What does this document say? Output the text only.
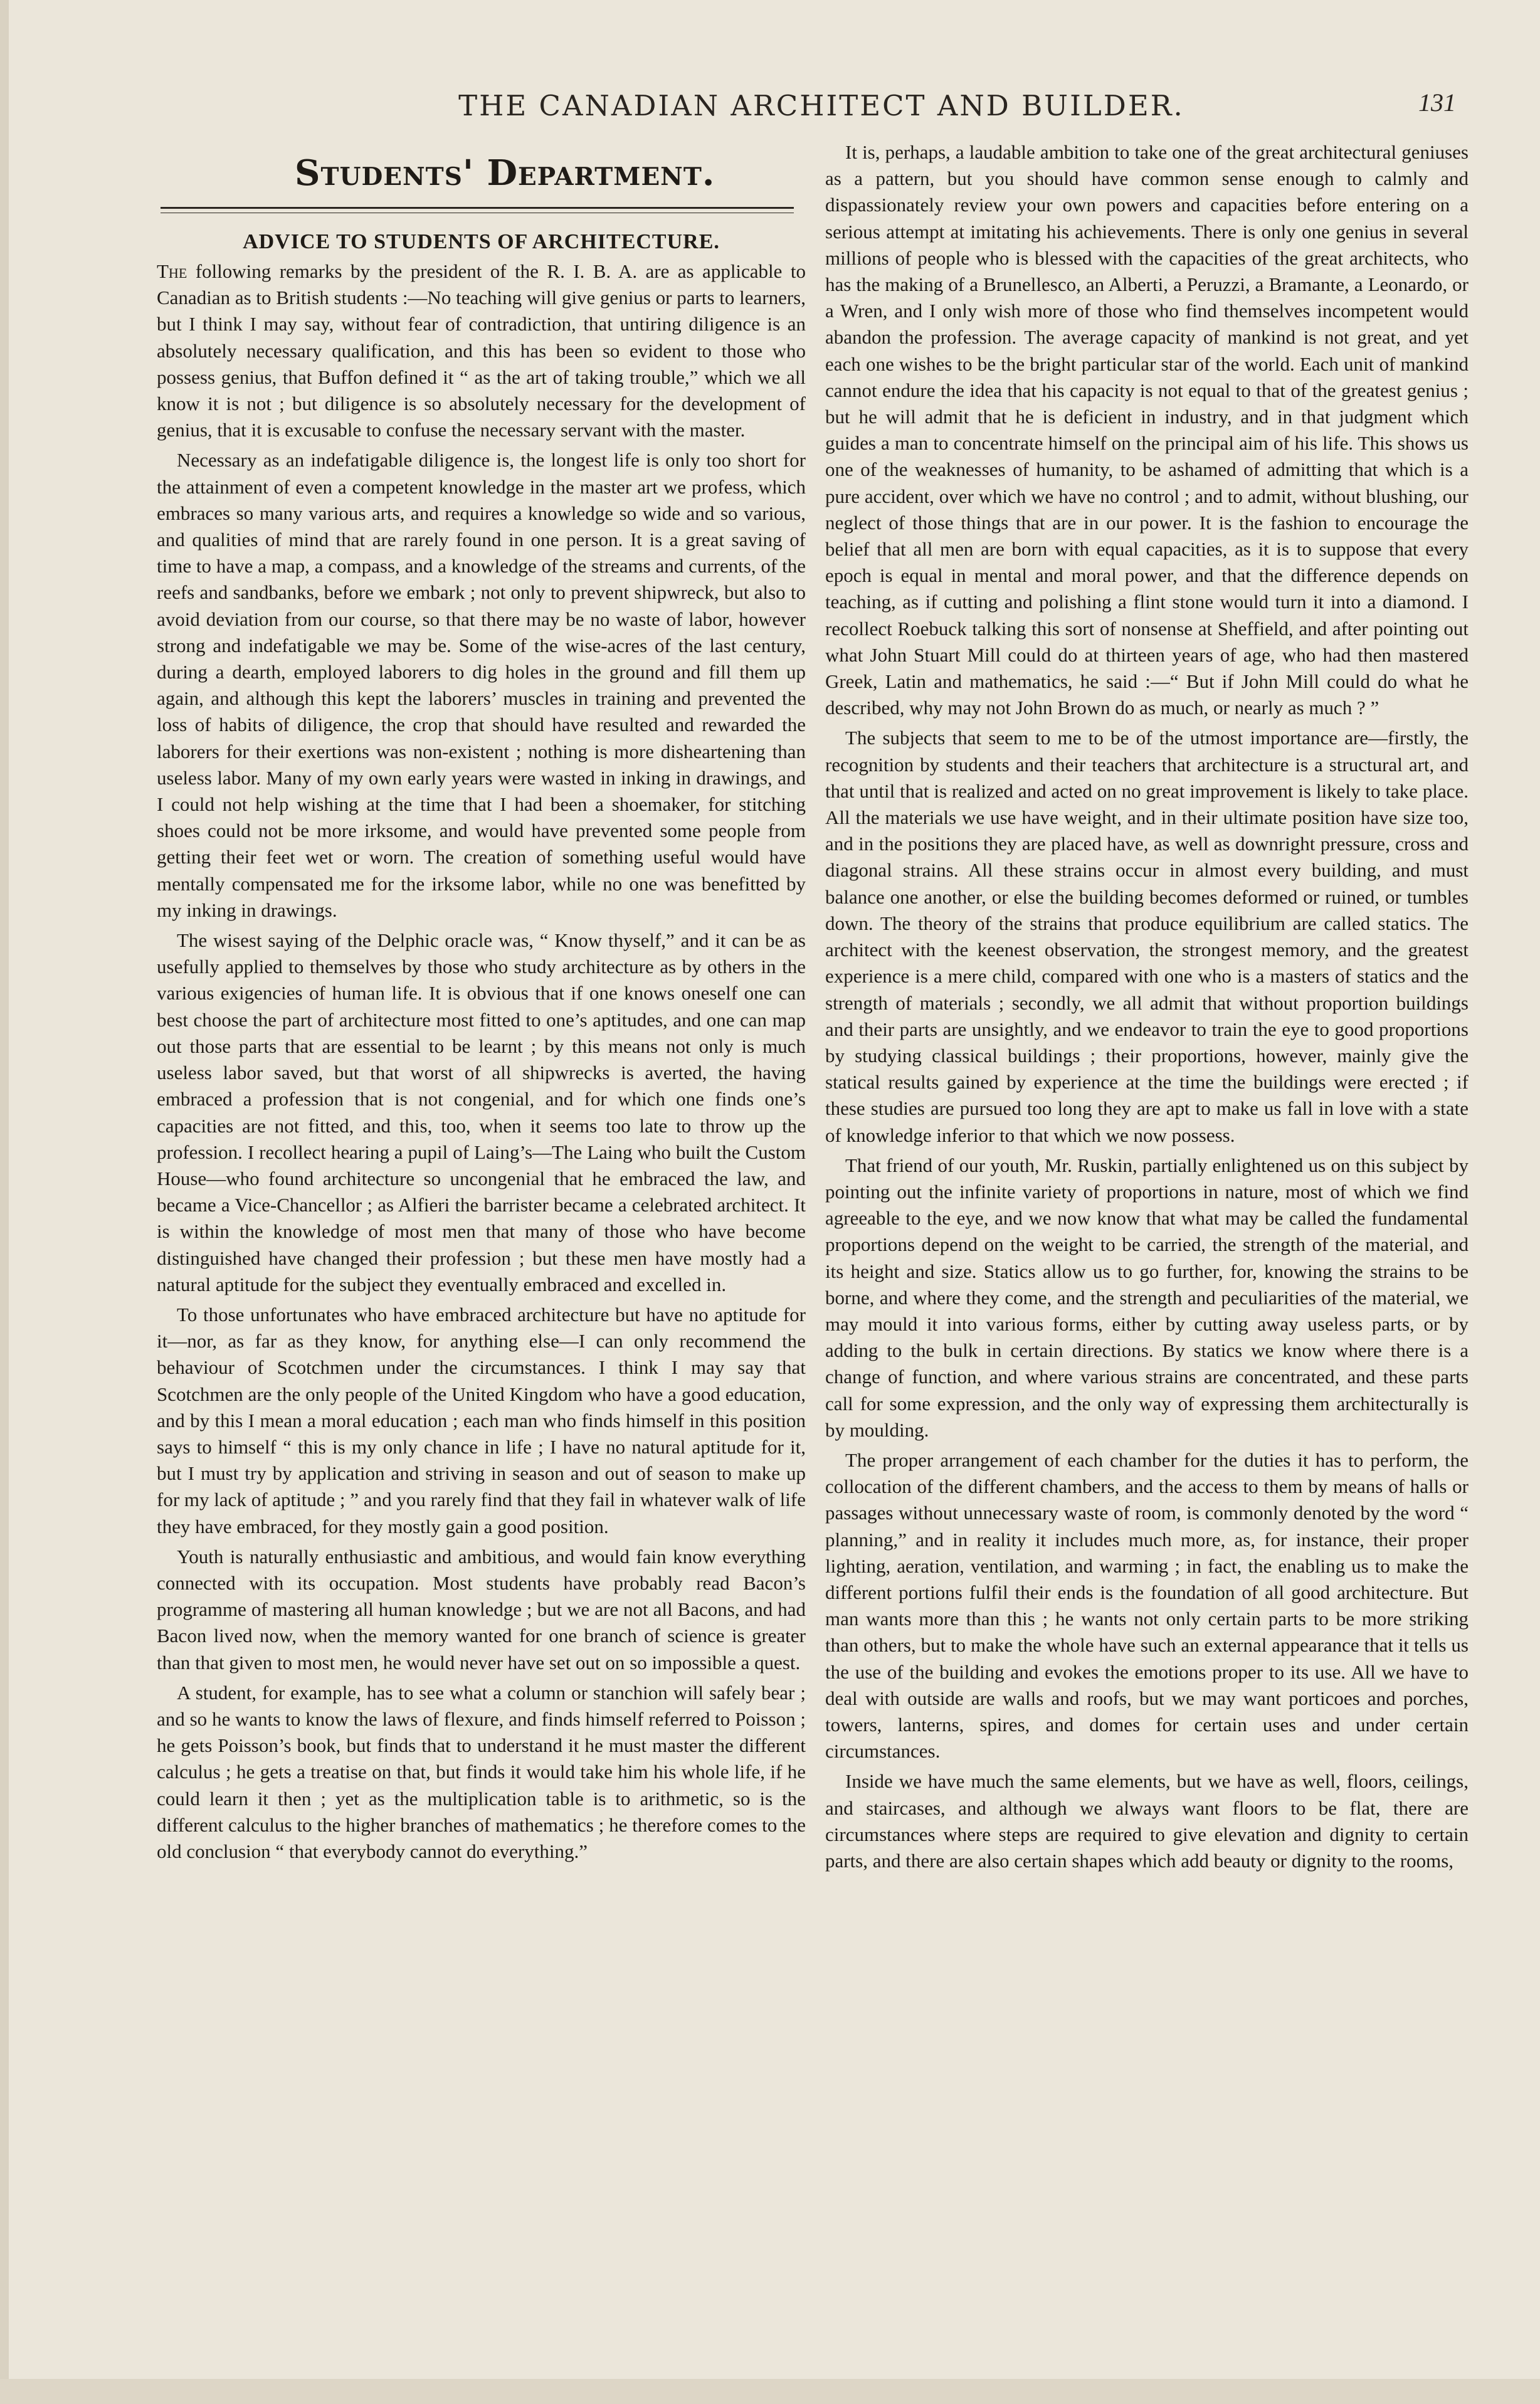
THE CANADIAN ARCHITECT AND BUILDER.	131
Students' Department.
ADVICE TO STUDENTS OF ARCHITECTURE.

The following remarks by the president of the R. I. B. A. are as applicable to Canadian as to British students :—No teaching will give genius or parts to learners, but I think I may say, without fear of contradiction, that untiring diligence is an absolutely necessary qualification, and this has been so evident to those who possess genius, that Buffon defined it “ as the art of taking trouble,” which we all know it is not ; but diligence is so absolutely necessary for the development of genius, that it is excusable to confuse the necessary servant with the master.

Necessary as an indefatigable diligence is, the longest life is only too short for the attainment of even a competent knowledge in the master art we profess, which embraces so many various arts, and requires a knowledge so wide and so various, and qualities of mind that are rarely found in one person. It is a great saving of time to have a map, a compass, and a knowledge of the streams and currents, of the reefs and sandbanks, before we embark ; not only to prevent shipwreck, but also to avoid deviation from our course, so that there may be no waste of labor, however strong and indefatigable we may be. Some of the wise-acres of the last century, during a dearth, employed laborers to dig holes in the ground and fill them up again, and although this kept the laborers’ muscles in training and prevented the loss of habits of diligence, the crop that should have resulted and rewarded the laborers for their exertions was non-existent ; nothing is more disheartening than useless labor. Many of my own early years were wasted in inking in drawings, and I could not help wishing at the time that I had been a shoemaker, for stitching shoes could not be more irksome, and would have prevented some people from getting their feet wet or worn. The creation of something useful would have mentally compensated me for the irksome labor, while no one was benefitted by my inking in drawings.

The wisest saying of the Delphic oracle was, “ Know thyself,” and it can be as usefully applied to themselves by those who study architecture as by others in the various exigencies of human life. It is obvious that if one knows oneself one can best choose the part of architecture most fitted to one’s aptitudes, and one can map out those parts that are essential to be learnt ; by this means not only is much useless labor saved, but that worst of all shipwrecks is averted, the having embraced a profession that is not congenial, and for which one finds one’s capacities are not fitted, and this, too, when it seems too late to throw up the profession. I recollect hearing a pupil of Laing’s—The Laing who built the Custom House—who found architecture so uncongenial that he embraced the law, and became a Vice-Chancellor ; as Alfieri the barrister became a celebrated architect. It is within the knowledge of most men that many of those who have become distinguished have changed their profession ; but these men have mostly had a natural aptitude for the subject they eventually embraced and excelled in.

To those unfortunates who have embraced architecture but have no aptitude for it—nor, as far as they know, for anything else—I can only recommend the behaviour of Scotchmen under the circumstances. I think I may say that Scotchmen are the only people of the United Kingdom who have a good education, and by this I mean a moral education ; each man who finds himself in this position says to himself “ this is my only chance in life ; I have no natural aptitude for it, but I must try by application and striving in season and out of season to make up for my lack of aptitude ; ” and you rarely find that they fail in whatever walk of life they have embraced, for they mostly gain a good position.

Youth is naturally enthusiastic and ambitious, and would fain know everything connected with its occupation. Most students have probably read Bacon’s programme of mastering all human knowledge ; but we are not all Bacons, and had Bacon lived now, when the memory wanted for one branch of science is greater than that given to most men, he would never have set out on so impossible a quest.

A student, for example, has to see what a column or stanchion will safely bear ; and so he wants to know the laws of flexure, and finds himself referred to Poisson ; he gets Poisson’s book, but finds that to understand it he must master the different calculus ; he gets a treatise on that, but finds it would take him his whole life, if he could learn it then ; yet as the multiplication table is to arithmetic, so is the different calculus to the higher branches of mathematics ; he therefore comes to the old conclusion “ that everybody cannot do everything.”

It is, perhaps, a laudable ambition to take one of the great architectural geniuses as a pattern, but you should have common sense enough to calmly and dispassionately review your own powers and capacities before entering on a serious attempt at imitating his achievements. There is only one genius in several millions of people who is blessed with the capacities of the great architects, who has the making of a Brunellesco, an Alberti, a Peruzzi, a Bramante, a Leonardo, or a Wren, and I only wish more of those who find themselves incompetent would abandon the profession. The average capacity of mankind is not great, and yet each one wishes to be the bright particular star of the world. Each unit of mankind cannot endure the idea that his capacity is not equal to that of the greatest genius ; but he will admit that he is deficient in industry, and in that judgment which guides a man to concentrate himself on the principal aim of his life. This shows us one of the weaknesses of humanity, to be ashamed of admitting that which is a pure accident, over which we have no control ; and to admit, without blushing, our neglect of those things that are in our power. It is the fashion to encourage the belief that all men are born with equal capacities, as it is to suppose that every epoch is equal in mental and moral power, and that the difference depends on teaching, as if cutting and polishing a flint stone would turn it into a diamond. I recollect Roebuck talking this sort of nonsense at Sheffield, and after pointing out what John Stuart Mill could do at thirteen years of age, who had then mastered Greek, Latin and mathematics, he said :—“ But if John Mill could do what he described, why may not John Brown do as much, or nearly as much ? ”

The subjects that seem to me to be of the utmost importance are—firstly, the recognition by students and their teachers that architecture is a structural art, and that until that is realized and acted on no great improvement is likely to take place. All the materials we use have weight, and in their ultimate position have size too, and in the positions they are placed have, as well as downright pressure, cross and diagonal strains. All these strains occur in almost every building, and must balance one another, or else the building becomes deformed or ruined, or tumbles down. The theory of the strains that produce equilibrium are called statics. The architect with the keenest observation, the strongest memory, and the greatest experience is a mere child, compared with one who is a masters of statics and the strength of materials ; secondly, we all admit that without proportion buildings and their parts are unsightly, and we endeavor to train the eye to good proportions by studying classical buildings ; their proportions, however, mainly give the statical results gained by experience at the time the buildings were erected ; if these studies are pursued too long they are apt to make us fall in love with a state of knowledge inferior to that which we now possess.

That friend of our youth, Mr. Ruskin, partially enlightened us on this subject by pointing out the infinite variety of proportions in nature, most of which we find agreeable to the eye, and we now know that what may be called the fundamental proportions depend on the weight to be carried, the strength of the material, and its height and size. Statics allow us to go further, for, knowing the strains to be borne, and where they come, and the strength and peculiarities of the material, we may mould it into various forms, either by cutting away useless parts, or by adding to the bulk in certain directions. By statics we know where there is a change of function, and where various strains are concentrated, and these parts call for some expression, and the only way of expressing them architecturally is by moulding.

The proper arrangement of each chamber for the duties it has to perform, the collocation of the different chambers, and the access to them by means of halls or passages without unnecessary waste of room, is commonly denoted by the word “ planning,” and in reality it includes much more, as, for instance, their proper lighting, aeration, ventilation, and warming ; in fact, the enabling us to make the different portions fulfil their ends is the foundation of all good architecture. But man wants more than this ; he wants not only certain parts to be more striking than others, but to make the whole have such an external appearance that it tells us the use of the building and evokes the emotions proper to its use. All we have to deal with outside are walls and roofs, but we may want porticoes and porches, towers, lanterns, spires, and domes for certain uses and under certain circumstances.

Inside we have much the same elements, but we have as well, floors, ceilings, and staircases, and although we always want floors to be flat, there are circumstances where steps are required to give elevation and dignity to certain parts, and there are also certain shapes which add beauty or dignity to the rooms,
